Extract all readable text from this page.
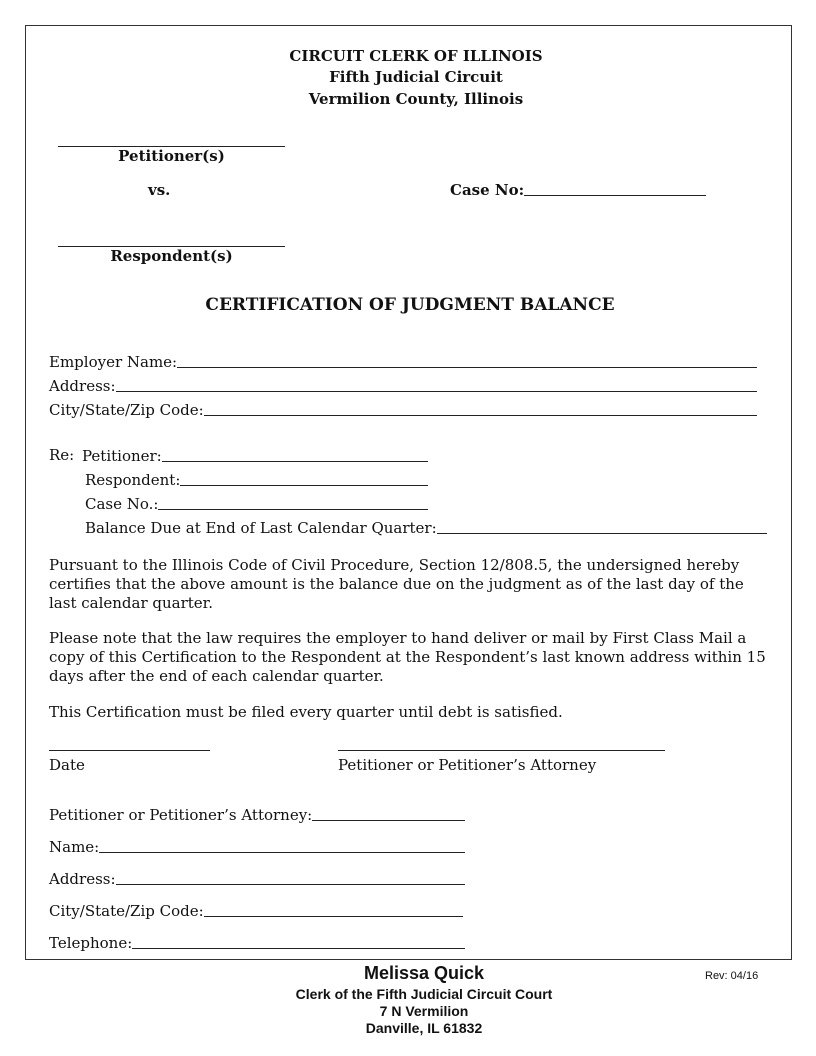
CIRCUIT CLERK OF ILLINOIS
Fifth Judicial Circuit
Vermilion County, Illinois
Petitioner(s)
vs.	Case No:
Respondent(s)
CERTIFICATION OF JUDGMENT BALANCE
Employer Name:
Address:
City/State/Zip Code:
Re: Petitioner:
Respondent:
Case No.:
Balance Due at End of Last Calendar Quarter:
Pursuant to the Illinois Code of Civil Procedure, Section 12/808.5, the undersigned hereby certifies that the above amount is the balance due on the judgment as of the last day of the last calendar quarter.
Please note that the law requires the employer to hand deliver or mail by First Class Mail a copy of this Certification to the Respondent at the Respondent’s last known address within 15 days after the end of each calendar quarter.
This Certification must be filed every quarter until debt is satisfied.
Date	Petitioner or Petitioner’s Attorney
Petitioner or Petitioner’s Attorney:
Name:
Address:
City/State/Zip Code:
Telephone:
Melissa Quick
Clerk of the Fifth Judicial Circuit Court
7 N Vermilion
Danville, IL 61832
Rev: 04/16
